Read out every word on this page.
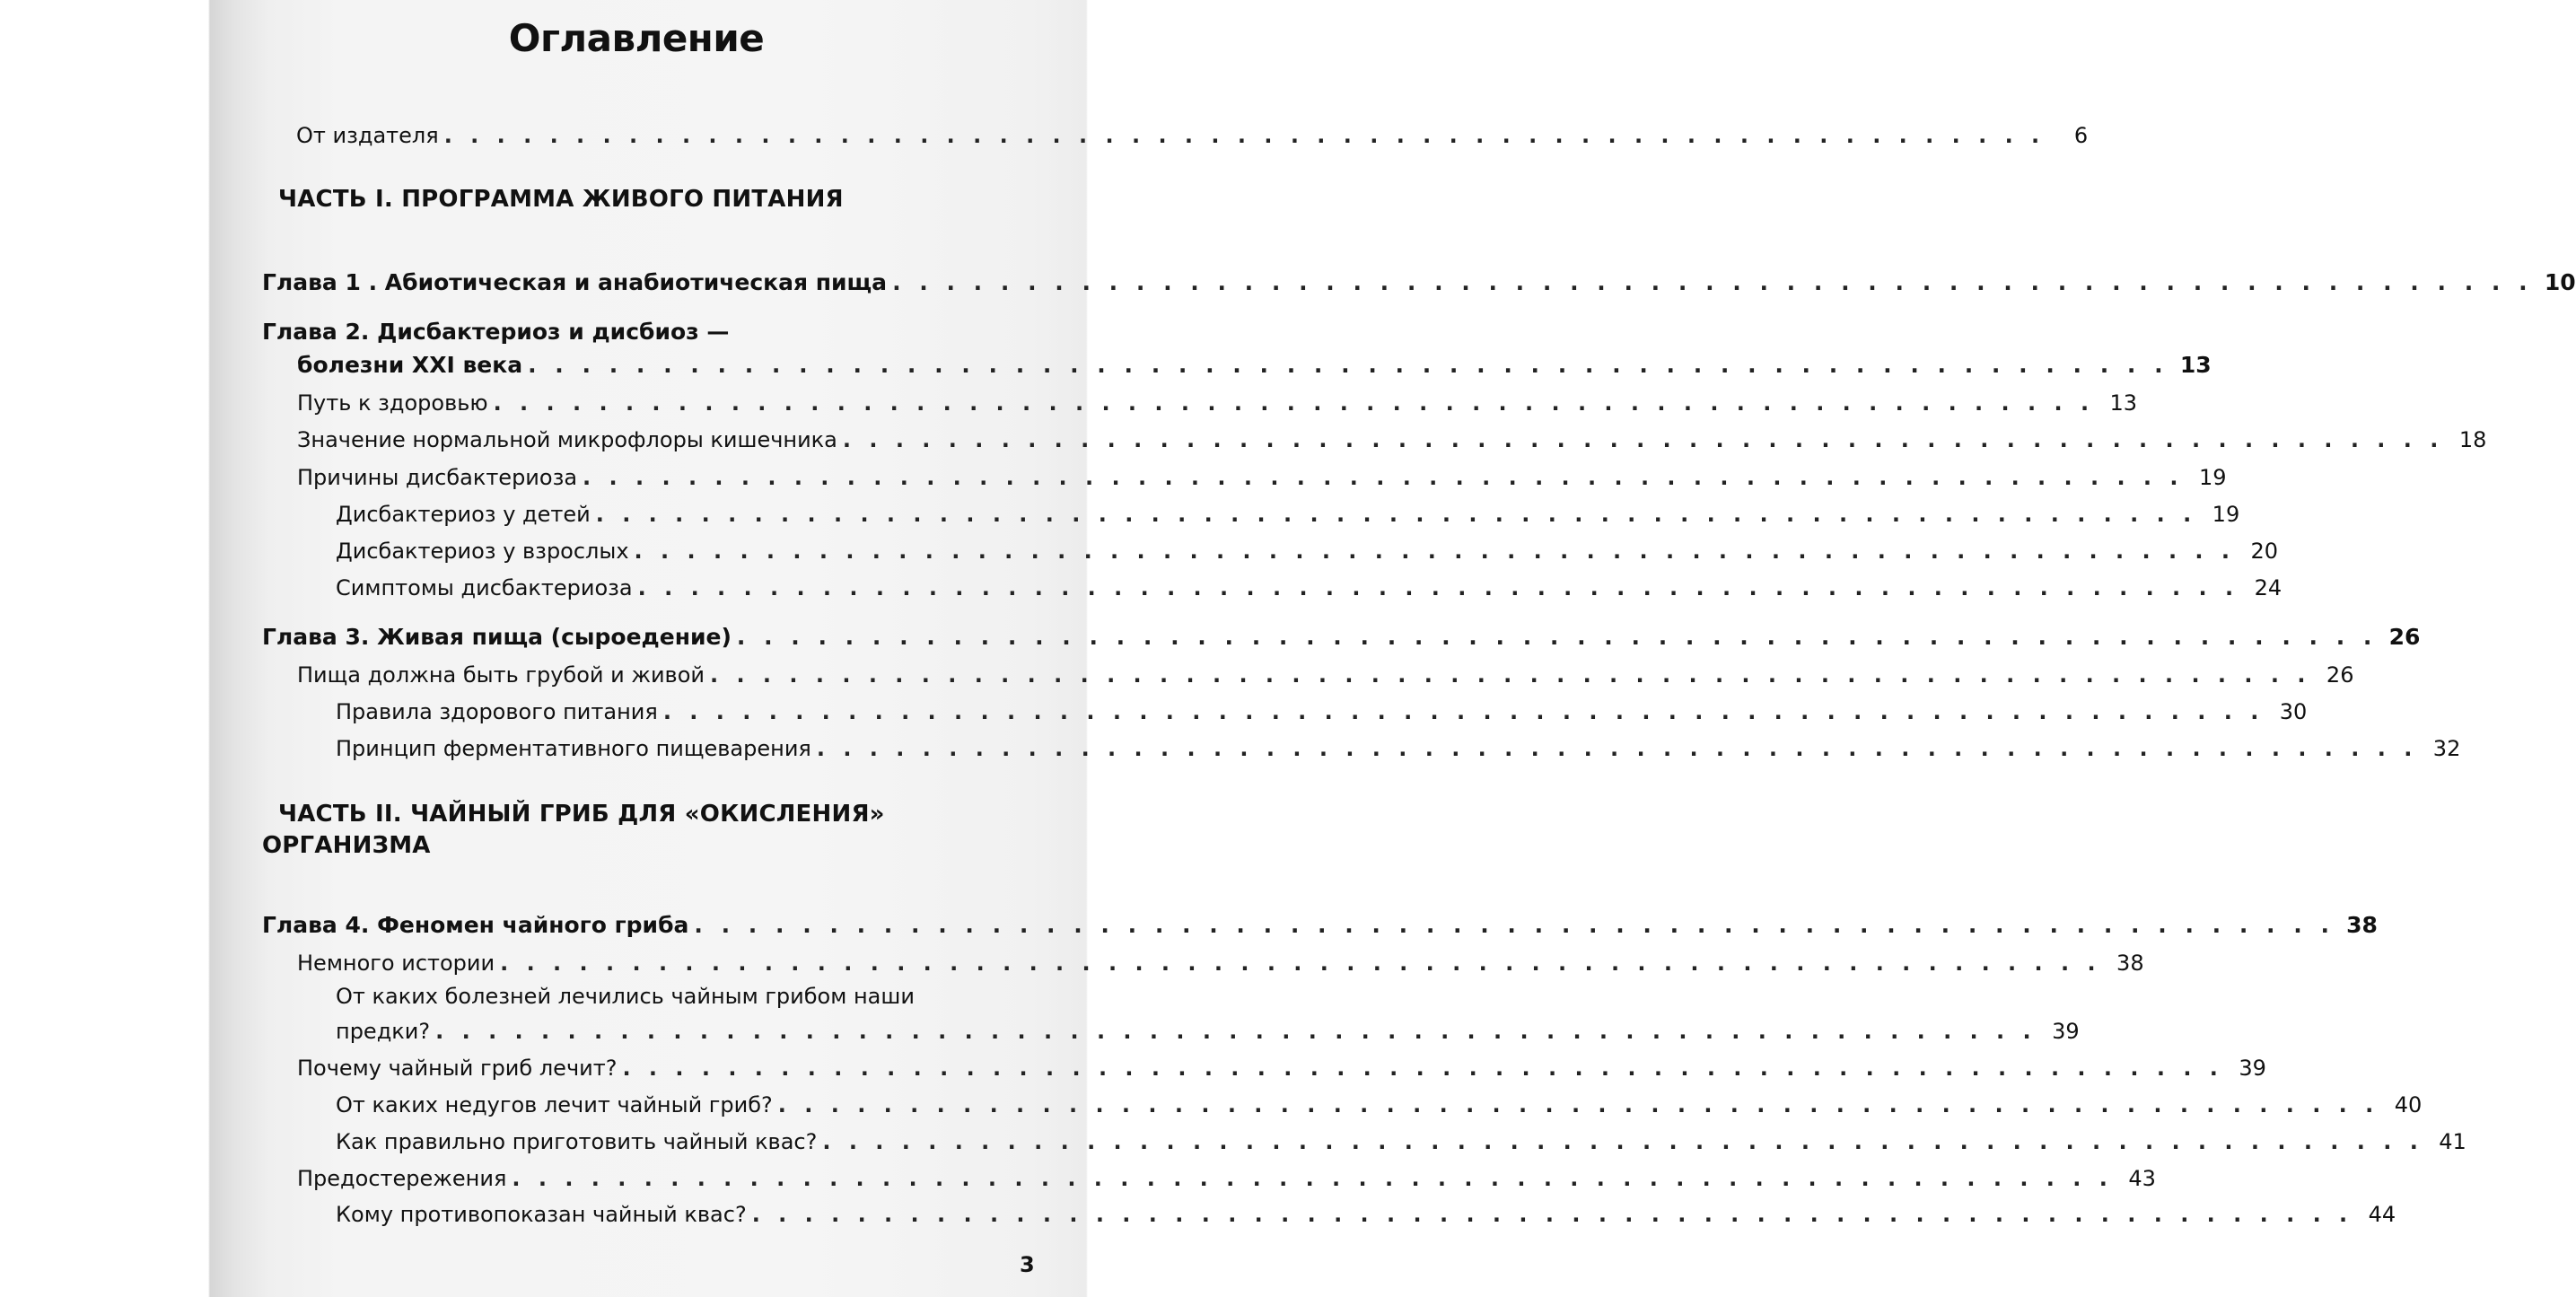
Оглавление
От издателя . . . . . . . . . . . . . . . . . . . . . . . . . . . . . . . . . . . . . . . . . . . . . . . . . . . . . . . . . . . . .	6
ЧАСТЬ I. ПРОГРАММА ЖИВОГО ПИТАНИЯ
Глава 1 . Абиотическая и анабиотическая пища . . . . . . . . . . . . . . . . . . . . . . . . . . . . . . . . . . . . . . . . . . . . . . . . . . . . . . . . . . . . . 10
Глава 2. Дисбактериоз и дисбиоз —
болезни XXI века . . . . . . . . . . . . . . . . . . . . . . . . . . . . . . . . . . . . . . . . . . . . . . . . . . . . . . . . . . . . . 13
Путь к здоровью . . . . . . . . . . . . . . . . . . . . . . . . . . . . . . . . . . . . . . . . . . . . . . . . . . . . . . . . . . . . . 13
Значение нормальной микрофлоры кишечника . . . . . . . . . . . . . . . . . . . . . . . . . . . . . . . . . . . . . . . . . . . . . . . . . . . . . . . . . . . . . 18
Причины дисбактериоза . . . . . . . . . . . . . . . . . . . . . . . . . . . . . . . . . . . . . . . . . . . . . . . . . . . . . . . . . . . . . 19
Дисбактериоз у детей . . . . . . . . . . . . . . . . . . . . . . . . . . . . . . . . . . . . . . . . . . . . . . . . . . . . . . . . . . . . . 19
Дисбактериоз у взрослых . . . . . . . . . . . . . . . . . . . . . . . . . . . . . . . . . . . . . . . . . . . . . . . . . . . . . . . . . . . . . 20
Симптомы дисбактериоза . . . . . . . . . . . . . . . . . . . . . . . . . . . . . . . . . . . . . . . . . . . . . . . . . . . . . . . . . . . . . 24
Глава 3. Живая пища (сыроедение) . . . . . . . . . . . . . . . . . . . . . . . . . . . . . . . . . . . . . . . . . . . . . . . . . . . . . . . . . . . . . 26
Пища должна быть грубой и живой . . . . . . . . . . . . . . . . . . . . . . . . . . . . . . . . . . . . . . . . . . . . . . . . . . . . . . . . . . . . . 26
Правила здорового питания . . . . . . . . . . . . . . . . . . . . . . . . . . . . . . . . . . . . . . . . . . . . . . . . . . . . . . . . . . . . . 30
Принцип ферментативного пищеварения . . . . . . . . . . . . . . . . . . . . . . . . . . . . . . . . . . . . . . . . . . . . . . . . . . . . . . . . . . . . . 32
ЧАСТЬ II. ЧАЙНЫЙ ГРИБ ДЛЯ «ОКИСЛЕНИЯ»
ОРГАНИЗМА
Глава 4. Феномен чайного гриба . . . . . . . . . . . . . . . . . . . . . . . . . . . . . . . . . . . . . . . . . . . . . . . . . . . . . . . . . . . . . 38
Немного истории . . . . . . . . . . . . . . . . . . . . . . . . . . . . . . . . . . . . . . . . . . . . . . . . . . . . . . . . . . . . . 38
От каких болезней лечились чайным грибом наши
предки? . . . . . . . . . . . . . . . . . . . . . . . . . . . . . . . . . . . . . . . . . . . . . . . . . . . . . . . . . . . . . 39
Почему чайный гриб лечит? . . . . . . . . . . . . . . . . . . . . . . . . . . . . . . . . . . . . . . . . . . . . . . . . . . . . . . . . . . . . . 39
От каких недугов лечит чайный гриб? . . . . . . . . . . . . . . . . . . . . . . . . . . . . . . . . . . . . . . . . . . . . . . . . . . . . . . . . . . . . . 40
Как правильно приготовить чайный квас? . . . . . . . . . . . . . . . . . . . . . . . . . . . . . . . . . . . . . . . . . . . . . . . . . . . . . . . . . . . . . 41
Предостережения . . . . . . . . . . . . . . . . . . . . . . . . . . . . . . . . . . . . . . . . . . . . . . . . . . . . . . . . . . . . . 43
Кому противопоказан чайный квас? . . . . . . . . . . . . . . . . . . . . . . . . . . . . . . . . . . . . . . . . . . . . . . . . . . . . . . . . . . . . . 44
3
